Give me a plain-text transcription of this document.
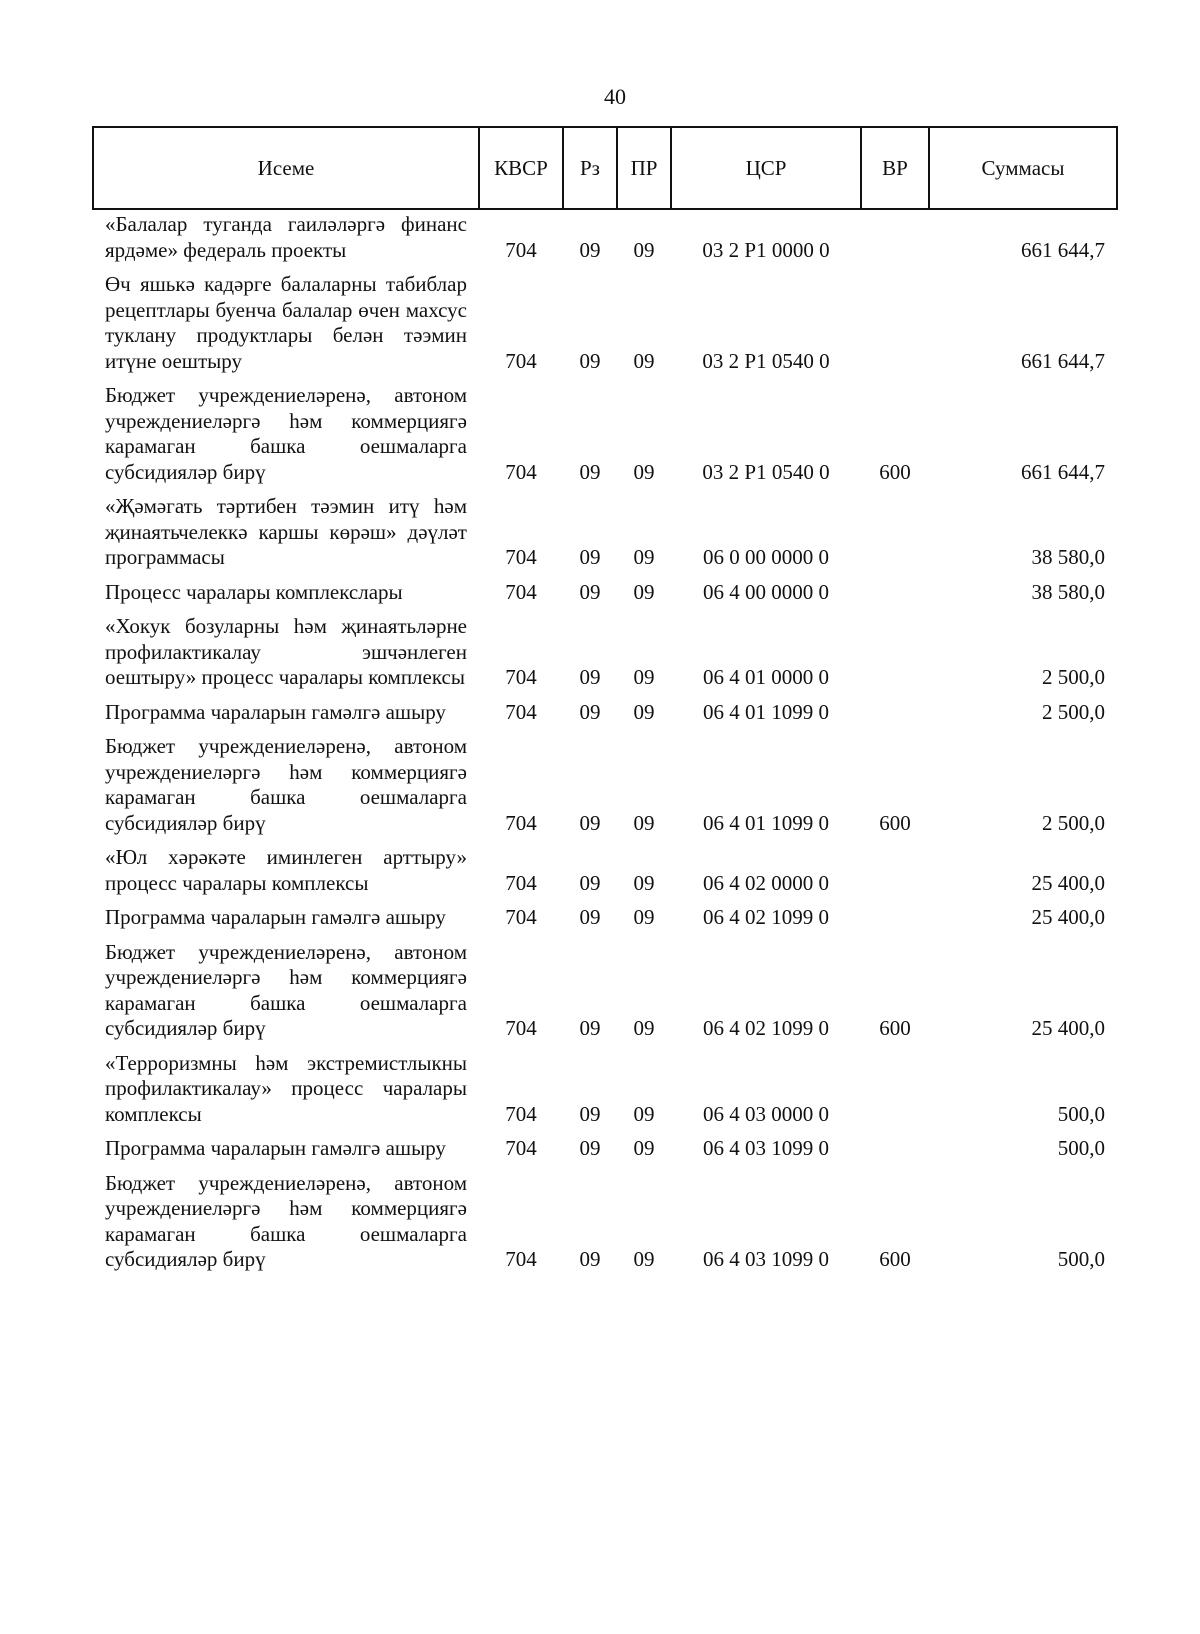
40
Исеме	КВСР	Рз	ПР	ЦСР	ВР	Суммасы
«Балалар туганда гаиләләргә финанс ярдәме» федераль проекты	704	09	09	03 2 Р1 0000 0		661 644,7
Өч яшькә кадәрге балаларны табиблар рецептлары буенча балалар өчен махсус туклану продуктлары белән тәэмин итүне оештыру	704	09	09	03 2 Р1 0540 0		661 644,7
Бюджет учреждениеләренә, автоном учреждениеләргә һәм коммерциягә карамаган башка оешмаларга субсидияләр бирү	704	09	09	03 2 Р1 0540 0	600	661 644,7
«Җәмәгать тәртибен тәэмин итү һәм җинаятьчелеккә каршы көрәш» дәүләт программасы	704	09	09	06 0 00 0000 0		38 580,0
Процесс чаралары комплекслары	704	09	09	06 4 00 0000 0		38 580,0
«Хокук бозуларны һәм җинаятьләрне профилактикалау эшчәнлеген оештыру» процесс чаралары комплексы	704	09	09	06 4 01 0000 0		2 500,0
Программа чараларын гамәлгә ашыру	704	09	09	06 4 01 1099 0		2 500,0
Бюджет учреждениеләренә, автоном учреждениеләргә һәм коммерциягә карамаган башка оешмаларга субсидияләр бирү	704	09	09	06 4 01 1099 0	600	2 500,0
«Юл хәрәкәте иминлеген арттыру» процесс чаралары комплексы	704	09	09	06 4 02 0000 0		25 400,0
Программа чараларын гамәлгә ашыру	704	09	09	06 4 02 1099 0		25 400,0
Бюджет учреждениеләренә, автоном учреждениеләргә һәм коммерциягә карамаган башка оешмаларга субсидияләр бирү	704	09	09	06 4 02 1099 0	600	25 400,0
«Терроризмны һәм экстремистлыкны профилактикалау» процесс чаралары комплексы	704	09	09	06 4 03 0000 0		500,0
Программа чараларын гамәлгә ашыру	704	09	09	06 4 03 1099 0		500,0
Бюджет учреждениеләренә, автоном учреждениеләргә һәм коммерциягә карамаган башка оешмаларга субсидияләр бирү	704	09	09	06 4 03 1099 0	600	500,0
